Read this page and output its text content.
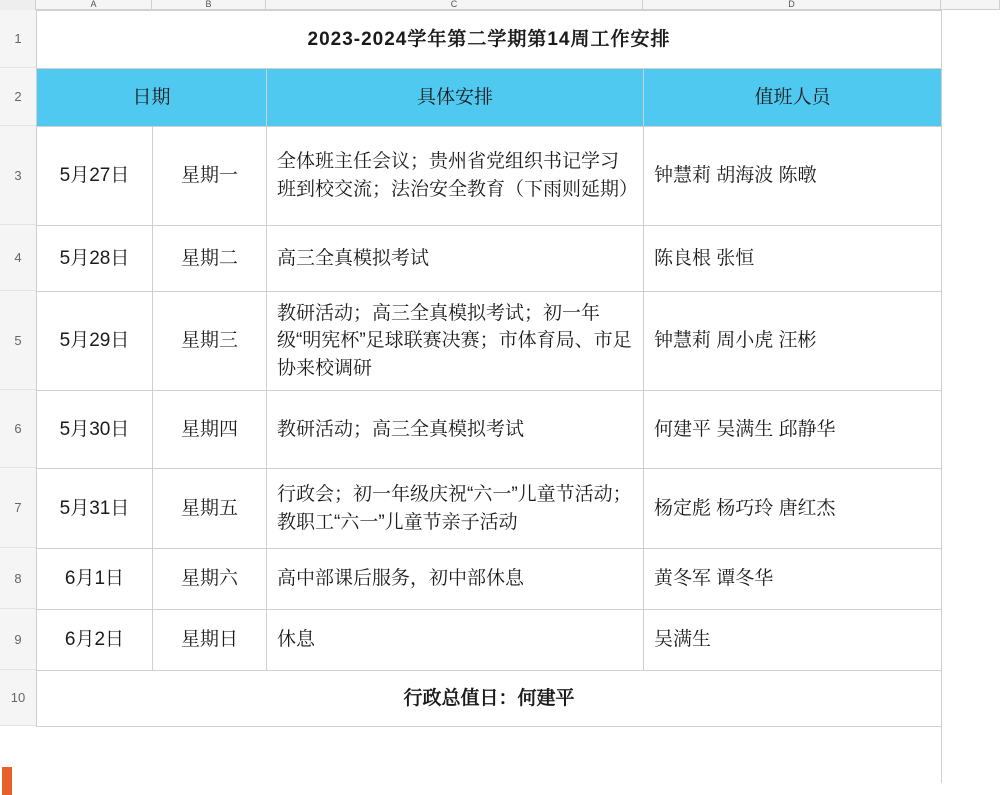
A	B	C	D
1
2
3
4
5
6
7
8
9
10
2023-2024学年第二学期第14周工作安排			
日期		具体安排	值班人员
5月27日	星期一	全体班主任会议；贵州省党组织书记学习班到校交流；法治安全教育（下雨则延期）	钟慧莉 胡海波 陈暾
5月28日	星期二	高三全真模拟考试	陈良根 张恒
5月29日	星期三	教研活动；高三全真模拟考试；初一年级“明宪杯”足球联赛决赛；市体育局、市足协来校调研	钟慧莉 周小虎 汪彬
5月30日	星期四	教研活动；高三全真模拟考试	何建平 吴满生 邱静华
5月31日	星期五	行政会；初一年级庆祝“六一”儿童节活动；教职工“六一”儿童节亲子活动	杨定彪 杨巧玲 唐红杰
6月1日	星期六	高中部课后服务，初中部休息	黄冬军 谭冬华
6月2日	星期日	休息	吴满生
行政总值日：何建平			
